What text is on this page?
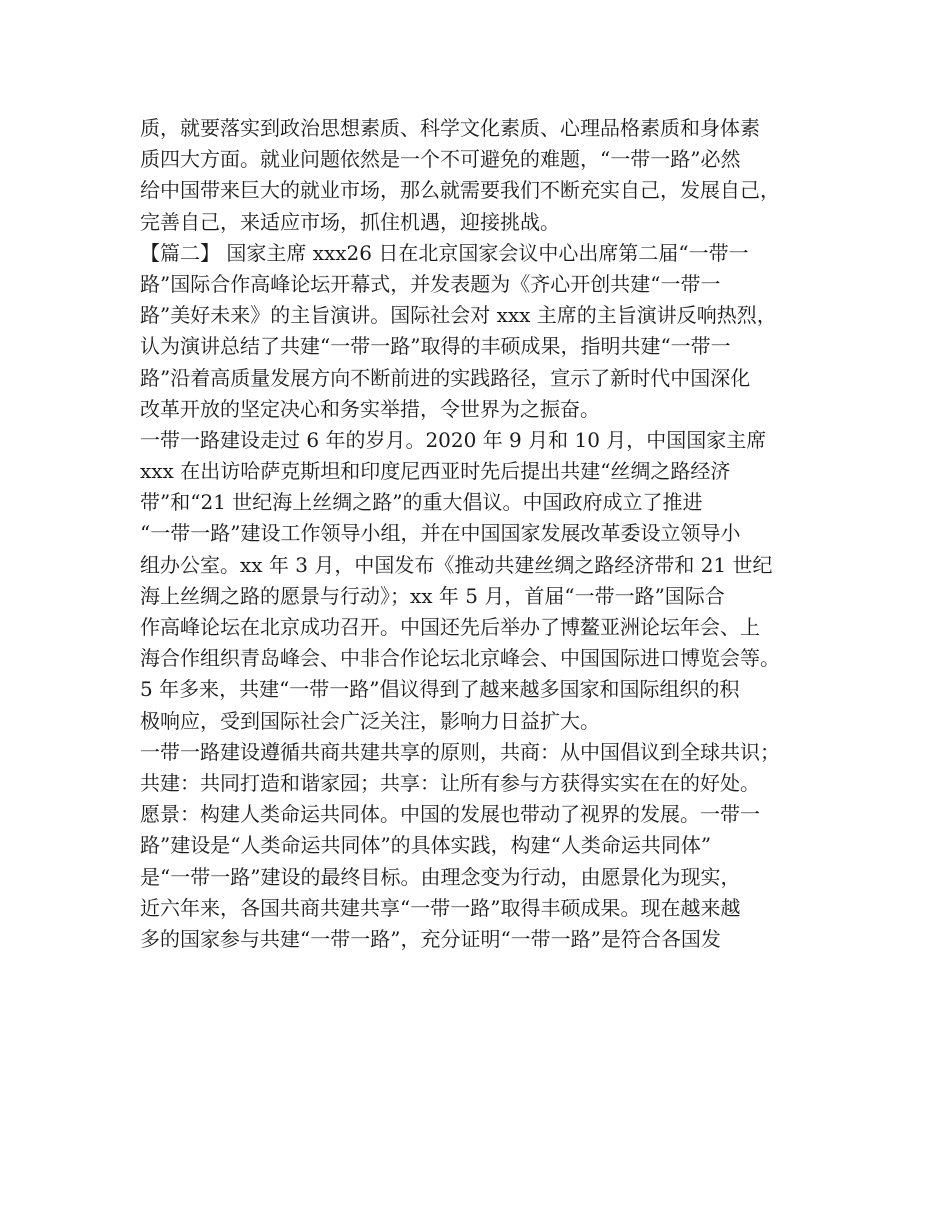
质，就要落实到政治思想素质、科学文化素质、心理品格素质和身体素
质四大方面。就业问题依然是一个不可避免的难题，“一带一路”必然
给中国带来巨大的就业市场，那么就需要我们不断充实自己，发展自己，
完善自己，来适应市场，抓住机遇，迎接挑战。
【篇二】 国家主席 xxx26 日在北京国家会议中心出席第二届“一带一
路”国际合作高峰论坛开幕式，并发表题为《齐心开创共建“一带一
路”美好未来》的主旨演讲。国际社会对 xxx 主席的主旨演讲反响热烈，
认为演讲总结了共建“一带一路”取得的丰硕成果，指明共建“一带一
路”沿着高质量发展方向不断前进的实践路径，宣示了新时代中国深化
改革开放的坚定决心和务实举措，令世界为之振奋。
一带一路建设走过 6 年的岁月。2020 年 9 月和 10 月，中国国家主席
xxx 在出访哈萨克斯坦和印度尼西亚时先后提出共建“丝绸之路经济
带”和“21 世纪海上丝绸之路”的重大倡议。中国政府成立了推进
“一带一路”建设工作领导小组，并在中国国家发展改革委设立领导小
组办公室。xx 年 3 月，中国发布《推动共建丝绸之路经济带和 21 世纪
海上丝绸之路的愿景与行动》；xx 年 5 月，首届“一带一路”国际合
作高峰论坛在北京成功召开。中国还先后举办了博鳌亚洲论坛年会、上
海合作组织青岛峰会、中非合作论坛北京峰会、中国国际进口博览会等。
5 年多来，共建“一带一路”倡议得到了越来越多国家和国际组织的积
极响应，受到国际社会广泛关注，影响力日益扩大。
一带一路建设遵循共商共建共享的原则，共商：从中国倡议到全球共识；
共建：共同打造和谐家园；共享：让所有参与方获得实实在在的好处。
愿景：构建人类命运共同体。中国的发展也带动了视界的发展。一带一
路”建设是“人类命运共同体”的具体实践，构建“人类命运共同体”
是“一带一路”建设的最终目标。由理念变为行动，由愿景化为现实，
近六年来，各国共商共建共享“一带一路”取得丰硕成果。现在越来越
多的国家参与共建“一带一路”，充分证明“一带一路”是符合各国发
